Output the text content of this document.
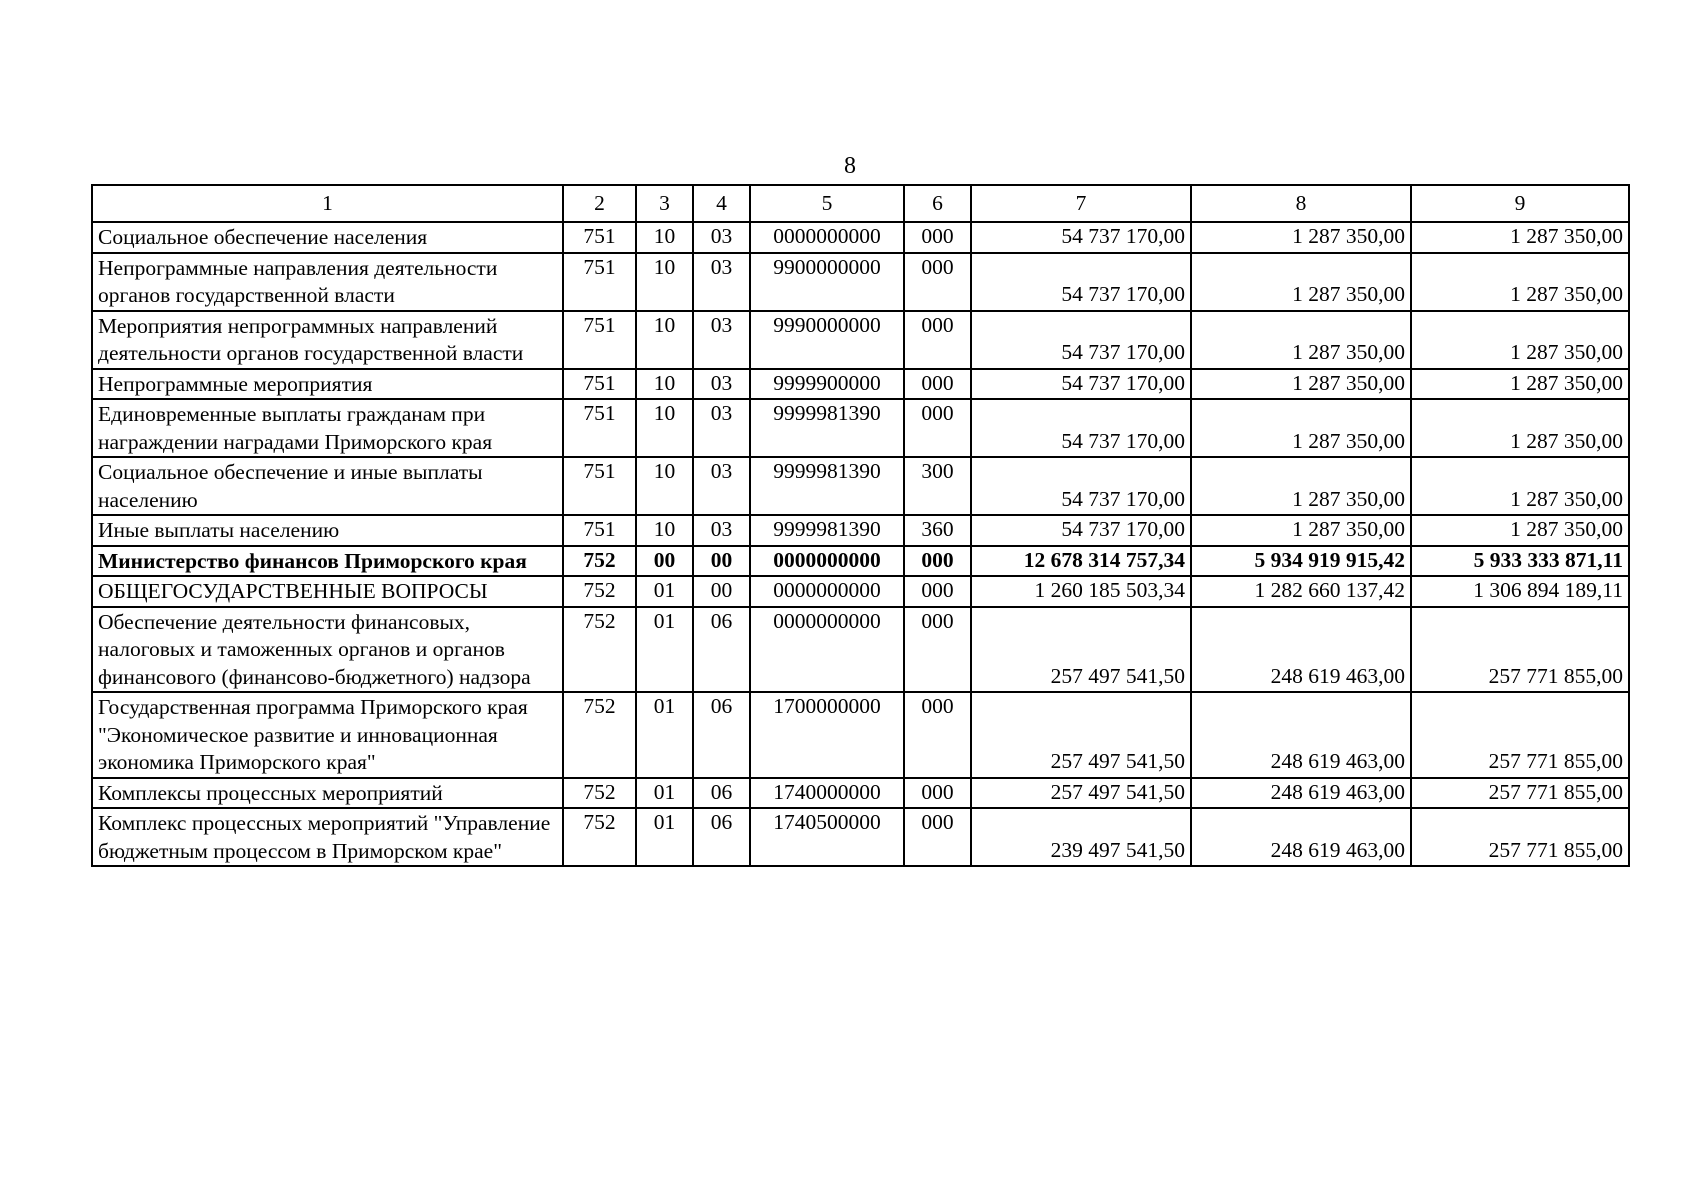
8
1	2	3	4	5	6	7	8	9
Социальное обеспечение населения	751	10	03	0000000000	000	54 737 170,00	1 287 350,00	1 287 350,00
Непрограммные направления деятельности органов государственной власти	751	10	03	9900000000	000	54 737 170,00	1 287 350,00	1 287 350,00
Мероприятия непрограммных направлений деятельности органов государственной власти	751	10	03	9990000000	000	54 737 170,00	1 287 350,00	1 287 350,00
Непрограммные мероприятия	751	10	03	9999900000	000	54 737 170,00	1 287 350,00	1 287 350,00
Единовременные выплаты гражданам при награждении наградами Приморского края	751	10	03	9999981390	000	54 737 170,00	1 287 350,00	1 287 350,00
Социальное обеспечение и иные выплаты населению	751	10	03	9999981390	300	54 737 170,00	1 287 350,00	1 287 350,00
Иные выплаты населению	751	10	03	9999981390	360	54 737 170,00	1 287 350,00	1 287 350,00
Министерство финансов Приморского края	752	00	00	0000000000	000	12 678 314 757,34	5 934 919 915,42	5 933 333 871,11
ОБЩЕГОСУДАРСТВЕННЫЕ ВОПРОСЫ	752	01	00	0000000000	000	1 260 185 503,34	1 282 660 137,42	1 306 894 189,11
Обеспечение деятельности финансовых, налоговых и таможенных органов и органов финансового (финансово-бюджетного) надзора	752	01	06	0000000000	000	257 497 541,50	248 619 463,00	257 771 855,00
Государственная программа Приморского края "Экономическое развитие и инновационная экономика Приморского края"	752	01	06	1700000000	000	257 497 541,50	248 619 463,00	257 771 855,00
Комплексы процессных мероприятий	752	01	06	1740000000	000	257 497 541,50	248 619 463,00	257 771 855,00
Комплекс процессных мероприятий "Управление бюджетным процессом в Приморском крае"	752	01	06	1740500000	000	239 497 541,50	248 619 463,00	257 771 855,00
